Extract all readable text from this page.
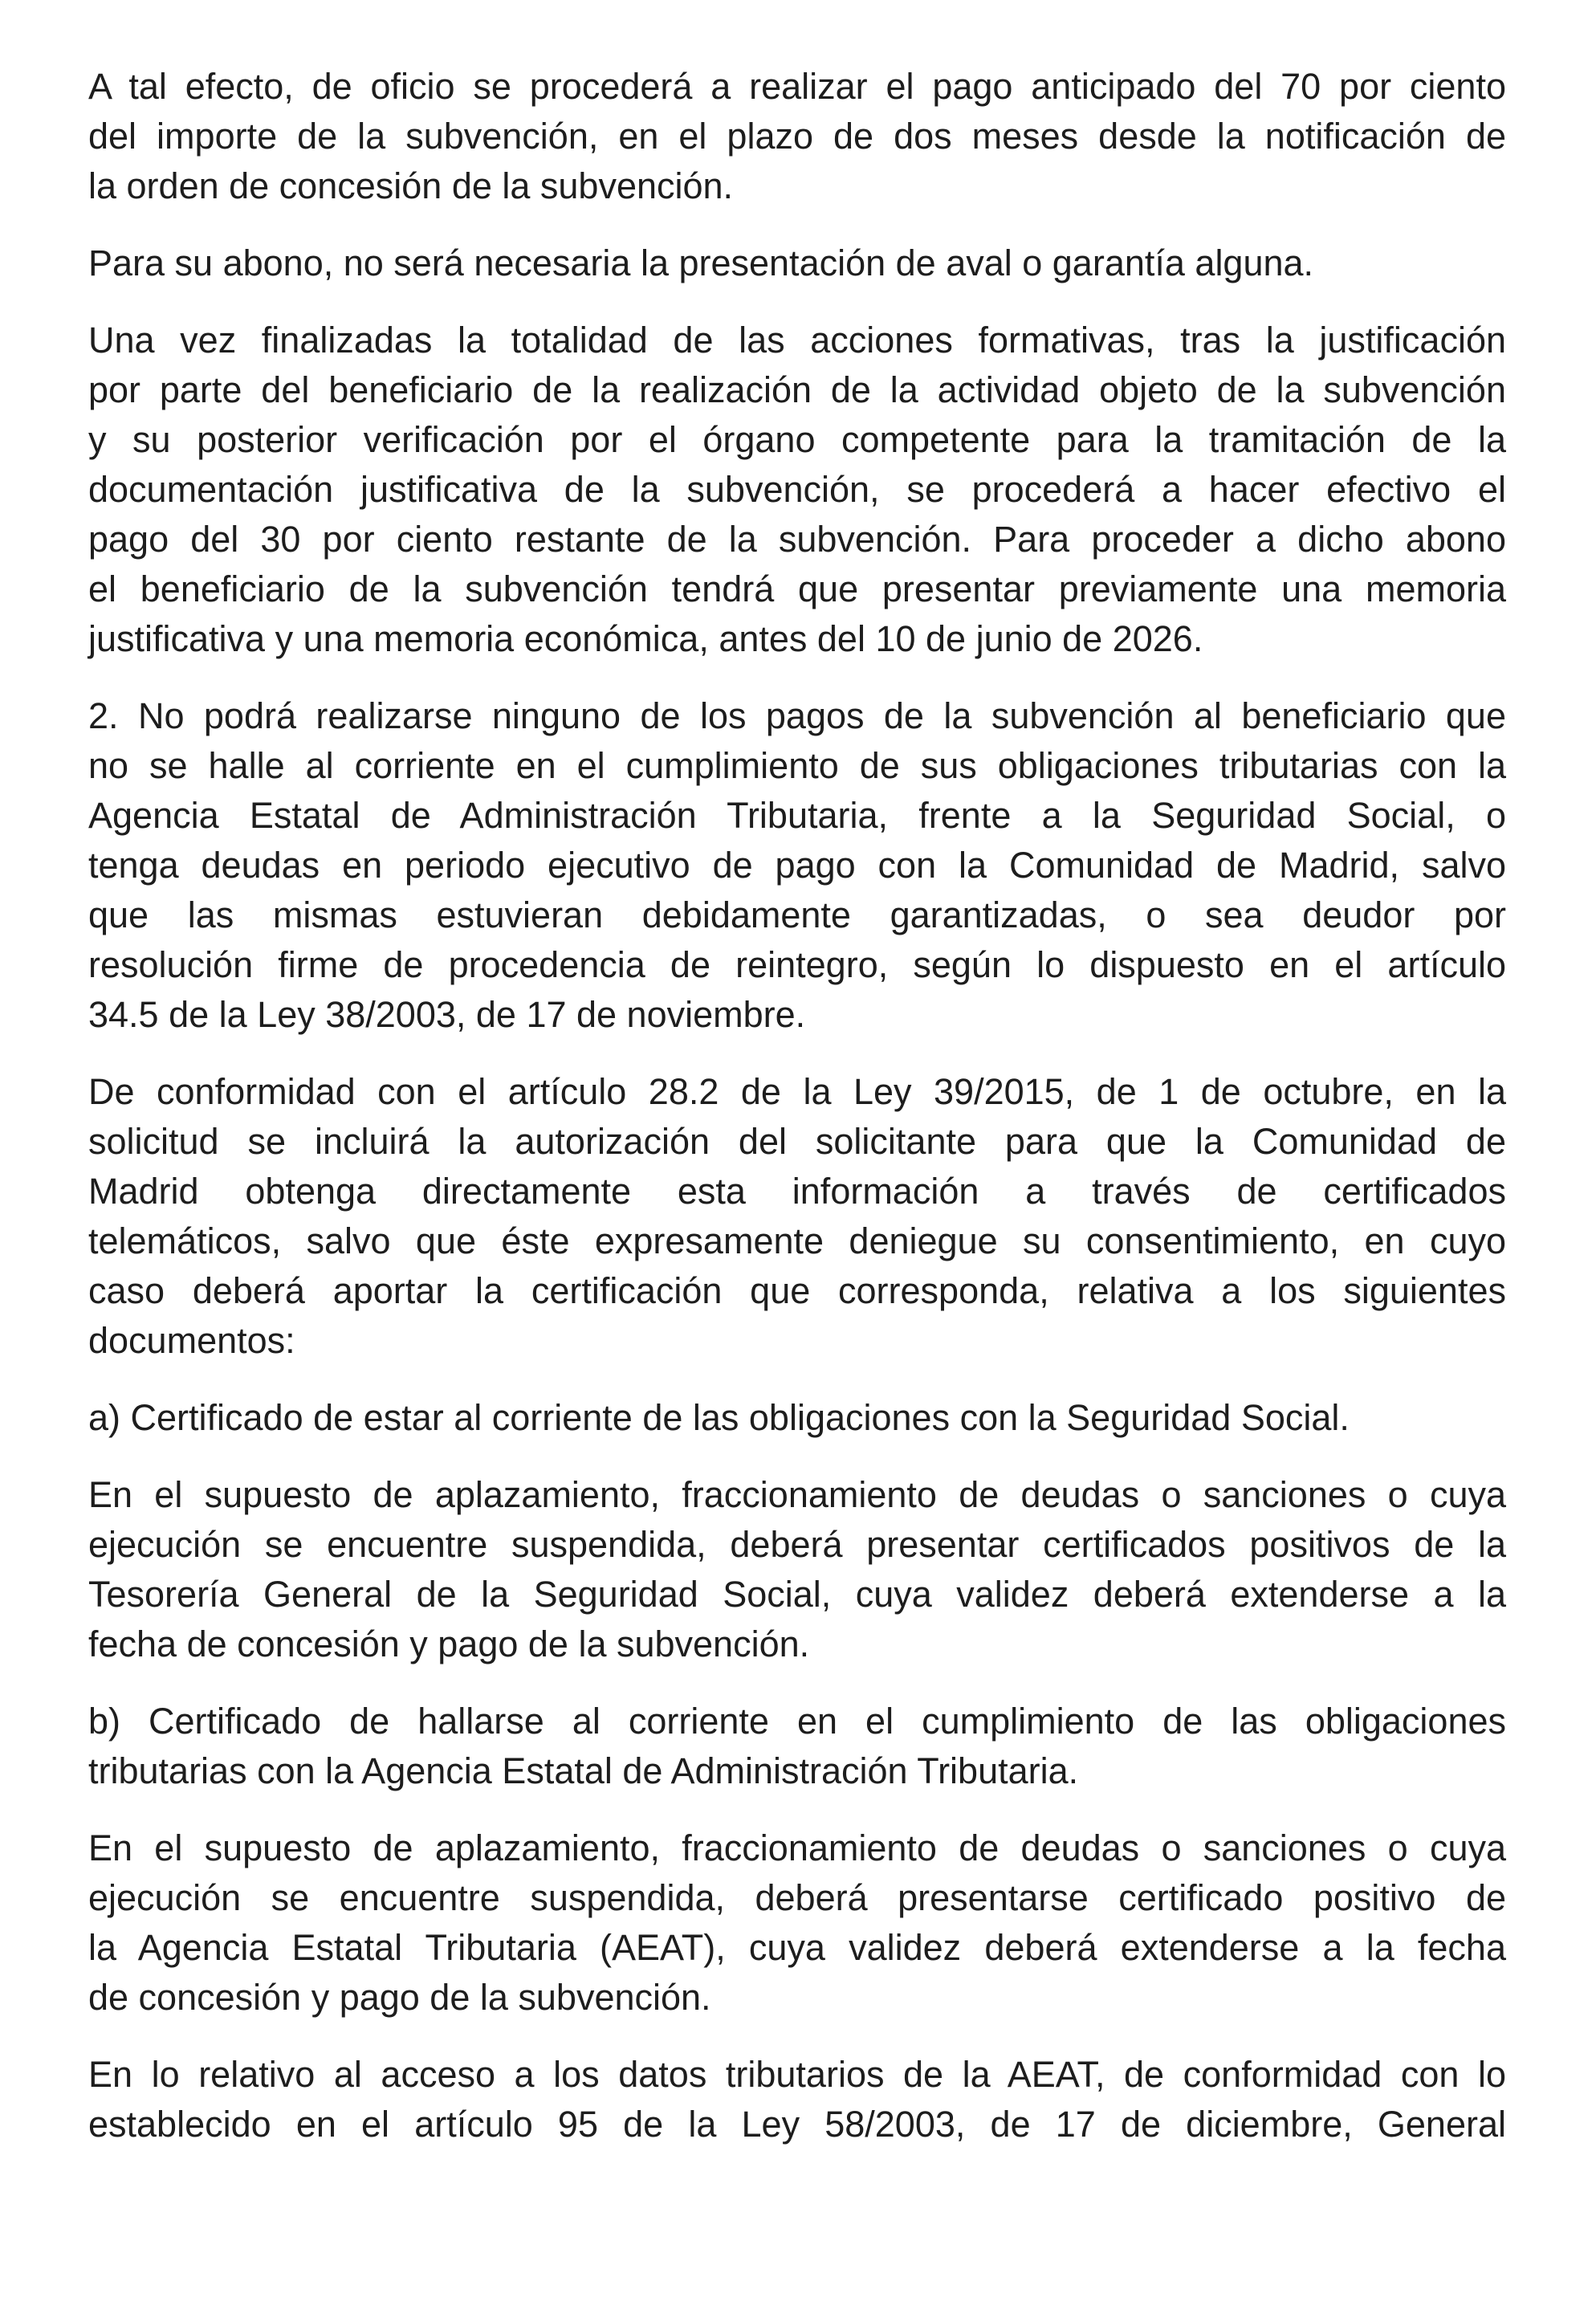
A tal efecto, de oficio se procederá a realizar el pago anticipado del 70 por ciento
del importe de la subvención, en el plazo de dos meses desde la notificación de
la orden de concesión de la subvención.
Para su abono, no será necesaria la presentación de aval o garantía alguna.
Una vez finalizadas la totalidad de las acciones formativas, tras la justificación
por parte del beneficiario de la realización de la actividad objeto de la subvención
y su posterior verificación por el órgano competente para la tramitación de la
documentación justificativa de la subvención, se procederá a hacer efectivo el
pago del 30 por ciento restante de la subvención. Para proceder a dicho abono
el beneficiario de la subvención tendrá que presentar previamente una memoria
justificativa y una memoria económica, antes del 10 de junio de 2026.
2. No podrá realizarse ninguno de los pagos de la subvención al beneficiario que
no se halle al corriente en el cumplimiento de sus obligaciones tributarias con la
Agencia Estatal de Administración Tributaria, frente a la Seguridad Social, o
tenga deudas en periodo ejecutivo de pago con la Comunidad de Madrid, salvo
que las mismas estuvieran debidamente garantizadas, o sea deudor por
resolución firme de procedencia de reintegro, según lo dispuesto en el artículo
34.5 de la Ley 38/2003, de 17 de noviembre.
De conformidad con el artículo 28.2 de la Ley 39/2015, de 1 de octubre, en la
solicitud se incluirá la autorización del solicitante para que la Comunidad de
Madrid obtenga directamente esta información a través de certificados
telemáticos, salvo que éste expresamente deniegue su consentimiento, en cuyo
caso deberá aportar la certificación que corresponda, relativa a los siguientes
documentos:
a) Certificado de estar al corriente de las obligaciones con la Seguridad Social.
En el supuesto de aplazamiento, fraccionamiento de deudas o sanciones o cuya
ejecución se encuentre suspendida, deberá presentar certificados positivos de la
Tesorería General de la Seguridad Social, cuya validez deberá extenderse a la
fecha de concesión y pago de la subvención.
b) Certificado de hallarse al corriente en el cumplimiento de las obligaciones
tributarias con la Agencia Estatal de Administración Tributaria.
En el supuesto de aplazamiento, fraccionamiento de deudas o sanciones o cuya
ejecución se encuentre suspendida, deberá presentarse certificado positivo de
la Agencia Estatal Tributaria (AEAT), cuya validez deberá extenderse a la fecha
de concesión y pago de la subvención.
En lo relativo al acceso a los datos tributarios de la AEAT, de conformidad con lo
establecido en el artículo 95 de la Ley 58/2003, de 17 de diciembre, General
